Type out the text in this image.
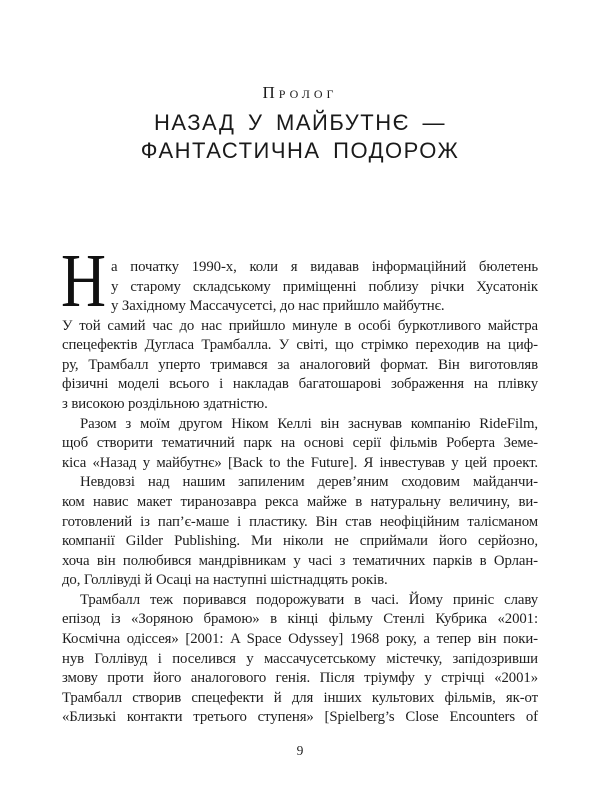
Пролог
НАЗАД У МАЙБУТНЄ —
ФАНТАСТИЧНА ПОДОРОЖ
Н а початку 1990-х, коли я видавав інформаційний бюлетень
у старому складському приміщенні поблизу річки Хусатонік
у Західному Массачусетсі, до нас прийшло майбутнє.
У той самий час до нас прийшло минуле в особі буркотливого майстра
спецефектів Дугласа Трамбалла. У світі, що стрімко переходив на циф-
ру, Трамбалл уперто тримався за аналоговий формат. Він виготовляв
фізичні моделі всього і накладав багатошарові зображення на плівку
з високою роздільною здатністю.
Разом з моїм другом Ніком Келлі він заснував компанію RideFilm,
щоб створити тематичний парк на основі серії фільмів Роберта Земе-
кіса «Назад у майбутнє» [Back to the Future]. Я інвестував у цей проект.
Невдовзі над нашим запиленим дерев’яним сходовим майданчи-
ком навис макет тиранозавра рекса майже в натуральну величину, ви-
готовлений із пап’є-маше і пластику. Він став неофіційним талісманом
компанії Gilder Publishing. Ми ніколи не сприймали його серйозно,
хоча він полюбився мандрівникам у часі з тематичних парків в Орлан-
до, Голлівуді й Осаці на наступні шістнадцять років.
Трамбалл теж поривався подорожувати в часі. Йому приніс славу
епізод із «Зоряною брамою» в кінці фільму Стенлі Кубрика «2001:
Космічна одіссея» [2001: A Space Odyssey] 1968 року, а тепер він поки-
нув Голлівуд і поселився у массачусетському містечку, запідозривши
змову проти його аналогового генія. Після тріумфу у стрічці «2001»
Трамбалл створив спецефекти й для інших культових фільмів, як-от
«Близькі контакти третього ступеня» [Spielberg’s Close Encounters of
9
